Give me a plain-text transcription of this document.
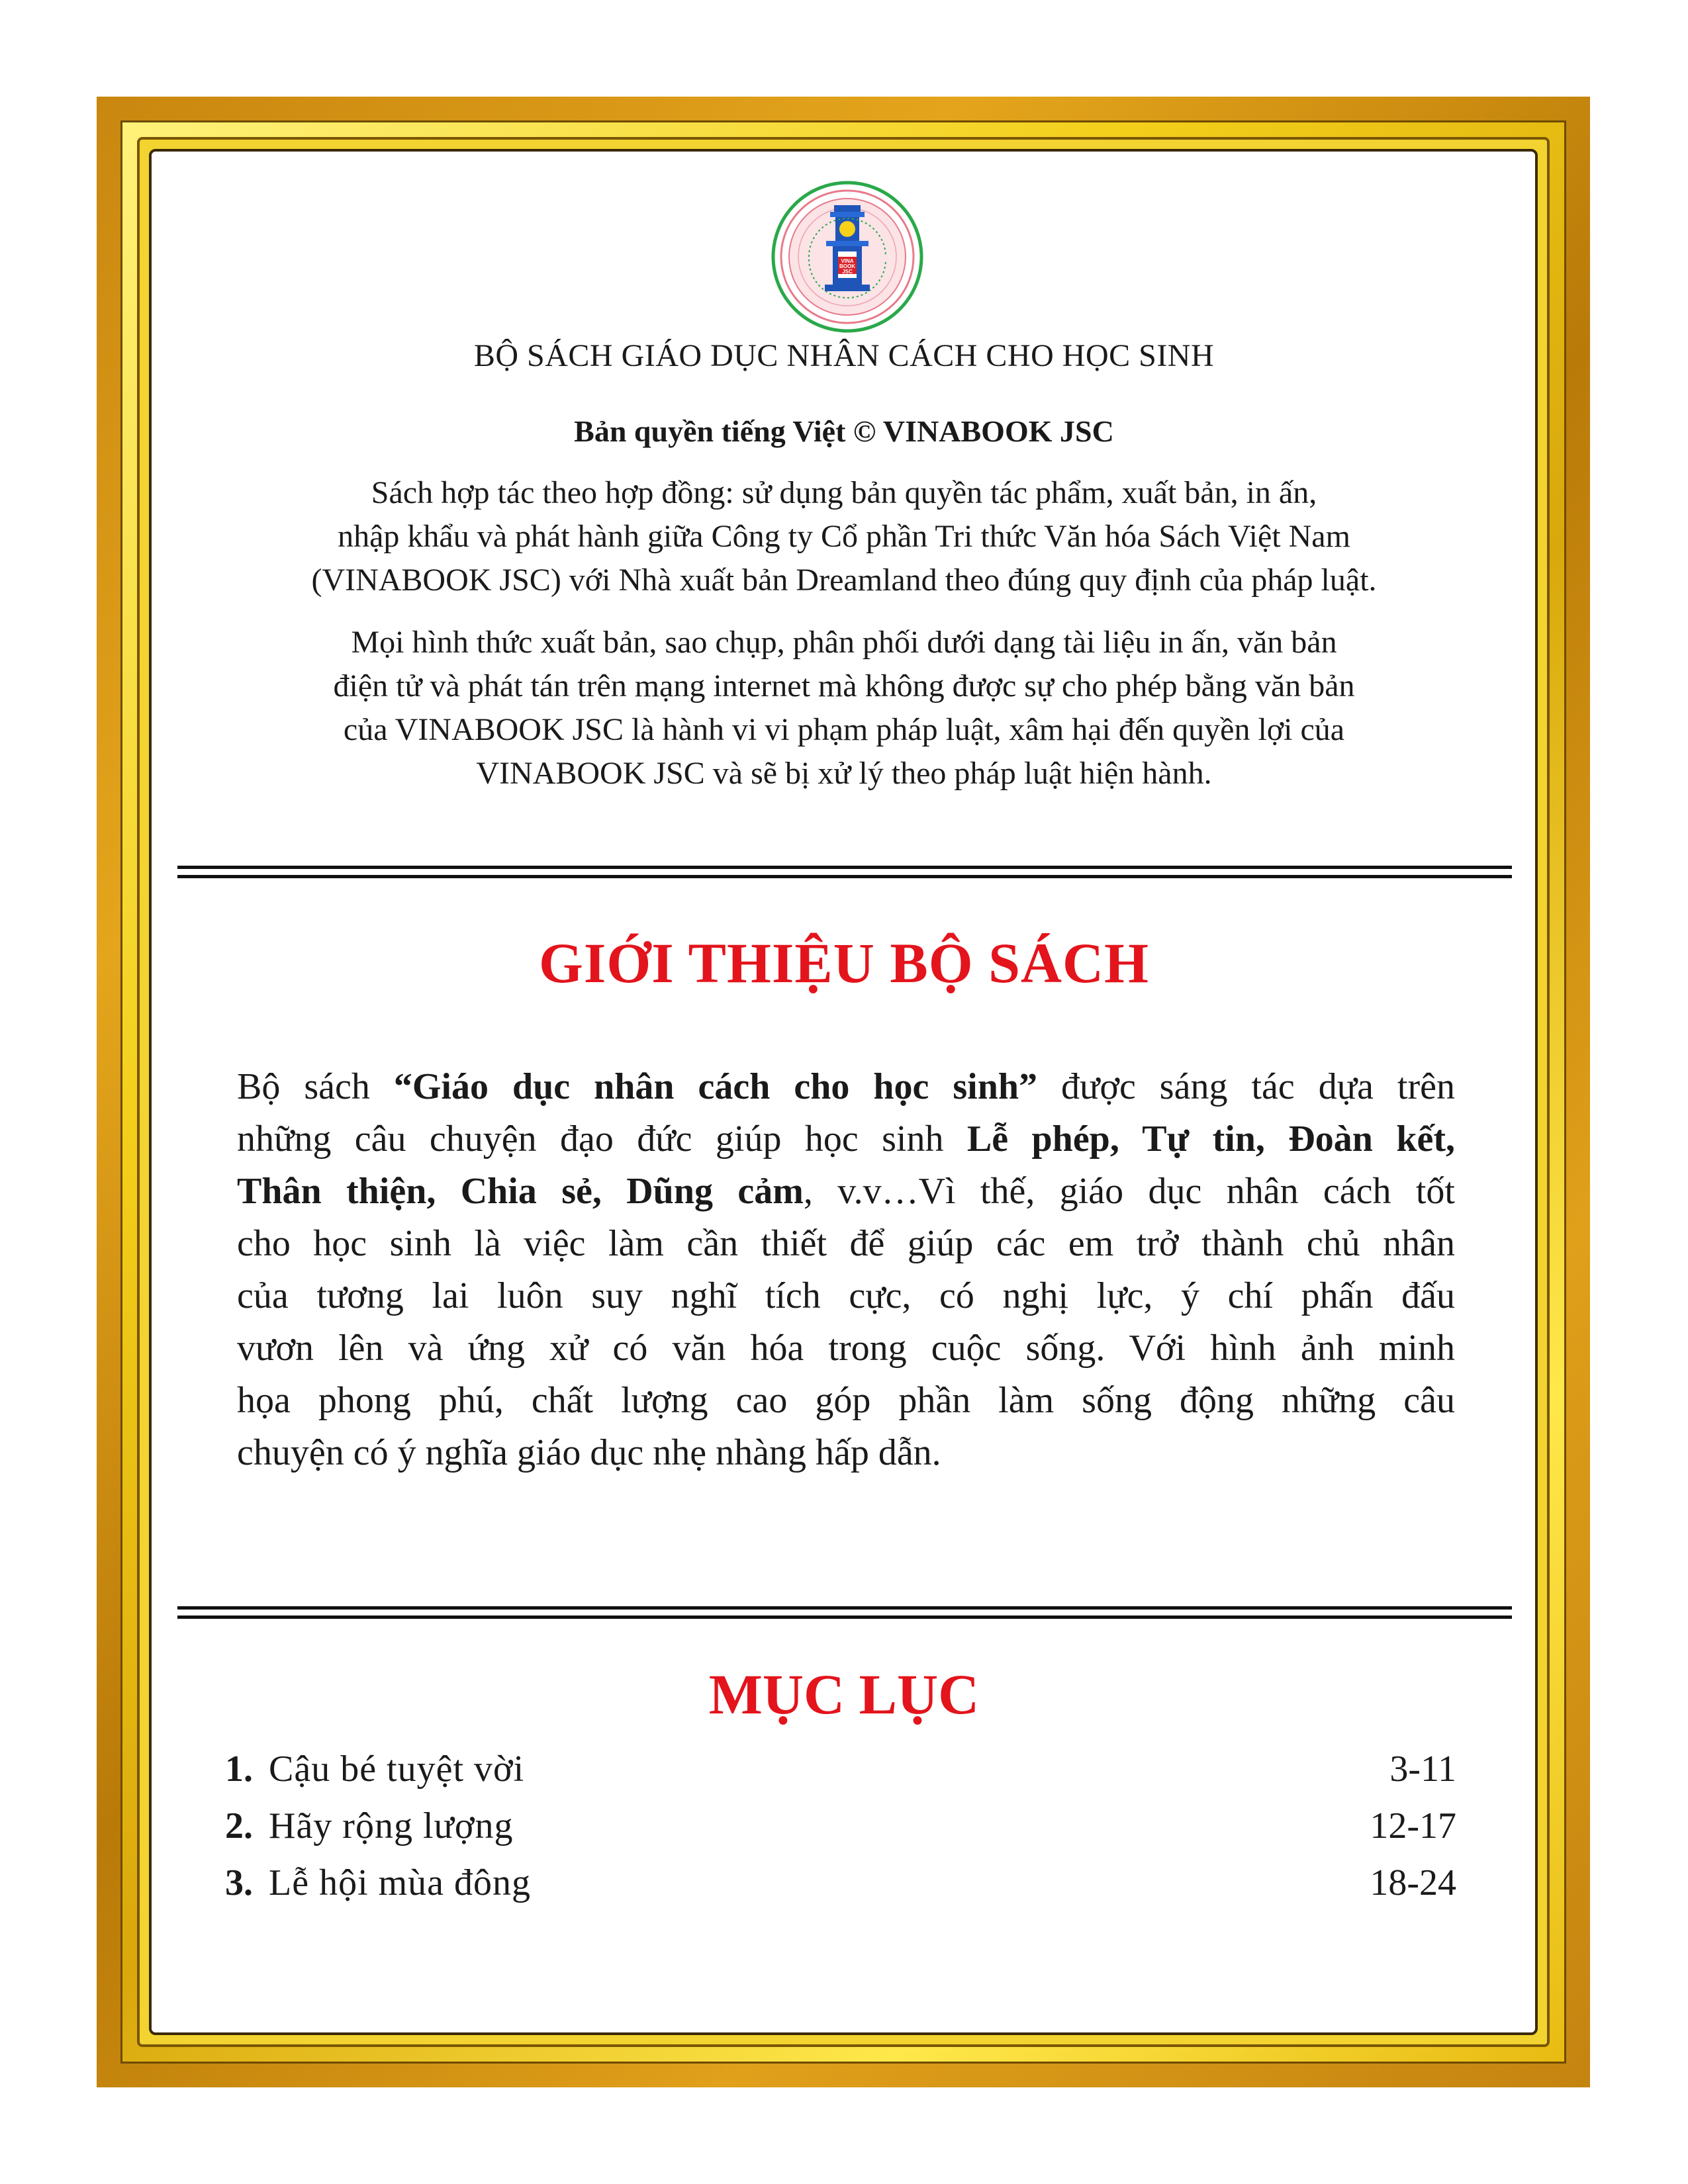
VINA
BOOK
JSC
BỘ SÁCH GIÁO DỤC NHÂN CÁCH CHO HỌC SINH
Bản quyền tiếng Việt © VINABOOK JSC
Sách hợp tác theo hợp đồng: sử dụng bản quyền tác phẩm, xuất bản, in ấn,
nhập khẩu và phát hành giữa Công ty Cổ phần Tri thức Văn hóa Sách Việt Nam
(VINABOOK JSC) với Nhà xuất bản Dreamland theo đúng quy định của pháp luật.
Mọi hình thức xuất bản, sao chụp, phân phối dưới dạng tài liệu in ấn, văn bản
điện tử và phát tán trên mạng internet mà không được sự cho phép bằng văn bản
của VINABOOK JSC là hành vi vi phạm pháp luật, xâm hại đến quyền lợi của
VINABOOK JSC và sẽ bị xử lý theo pháp luật hiện hành.
GIỚI THIỆU BỘ SÁCH
Bộ sách “Giáo dục nhân cách cho học sinh” được sáng tác dựa trên
những câu chuyện đạo đức giúp học sinh Lễ phép, Tự tin, Đoàn kết,
Thân thiện, Chia sẻ, Dũng cảm, v.v…Vì thế, giáo dục nhân cách tốt
cho học sinh là việc làm cần thiết để giúp các em trở thành chủ nhân
của tương lai luôn suy nghĩ tích cực, có nghị lực, ý chí phấn đấu
vươn lên và ứng xử có văn hóa trong cuộc sống. Với hình ảnh minh
họa phong phú, chất lượng cao góp phần làm sống động những câu
chuyện có ý nghĩa giáo dục nhẹ nhàng hấp dẫn.
MỤC LỤC
1. Cậu bé tuyệt vời	3-11
2. Hãy rộng lượng	12-17
3. Lễ hội mùa đông	18-24
